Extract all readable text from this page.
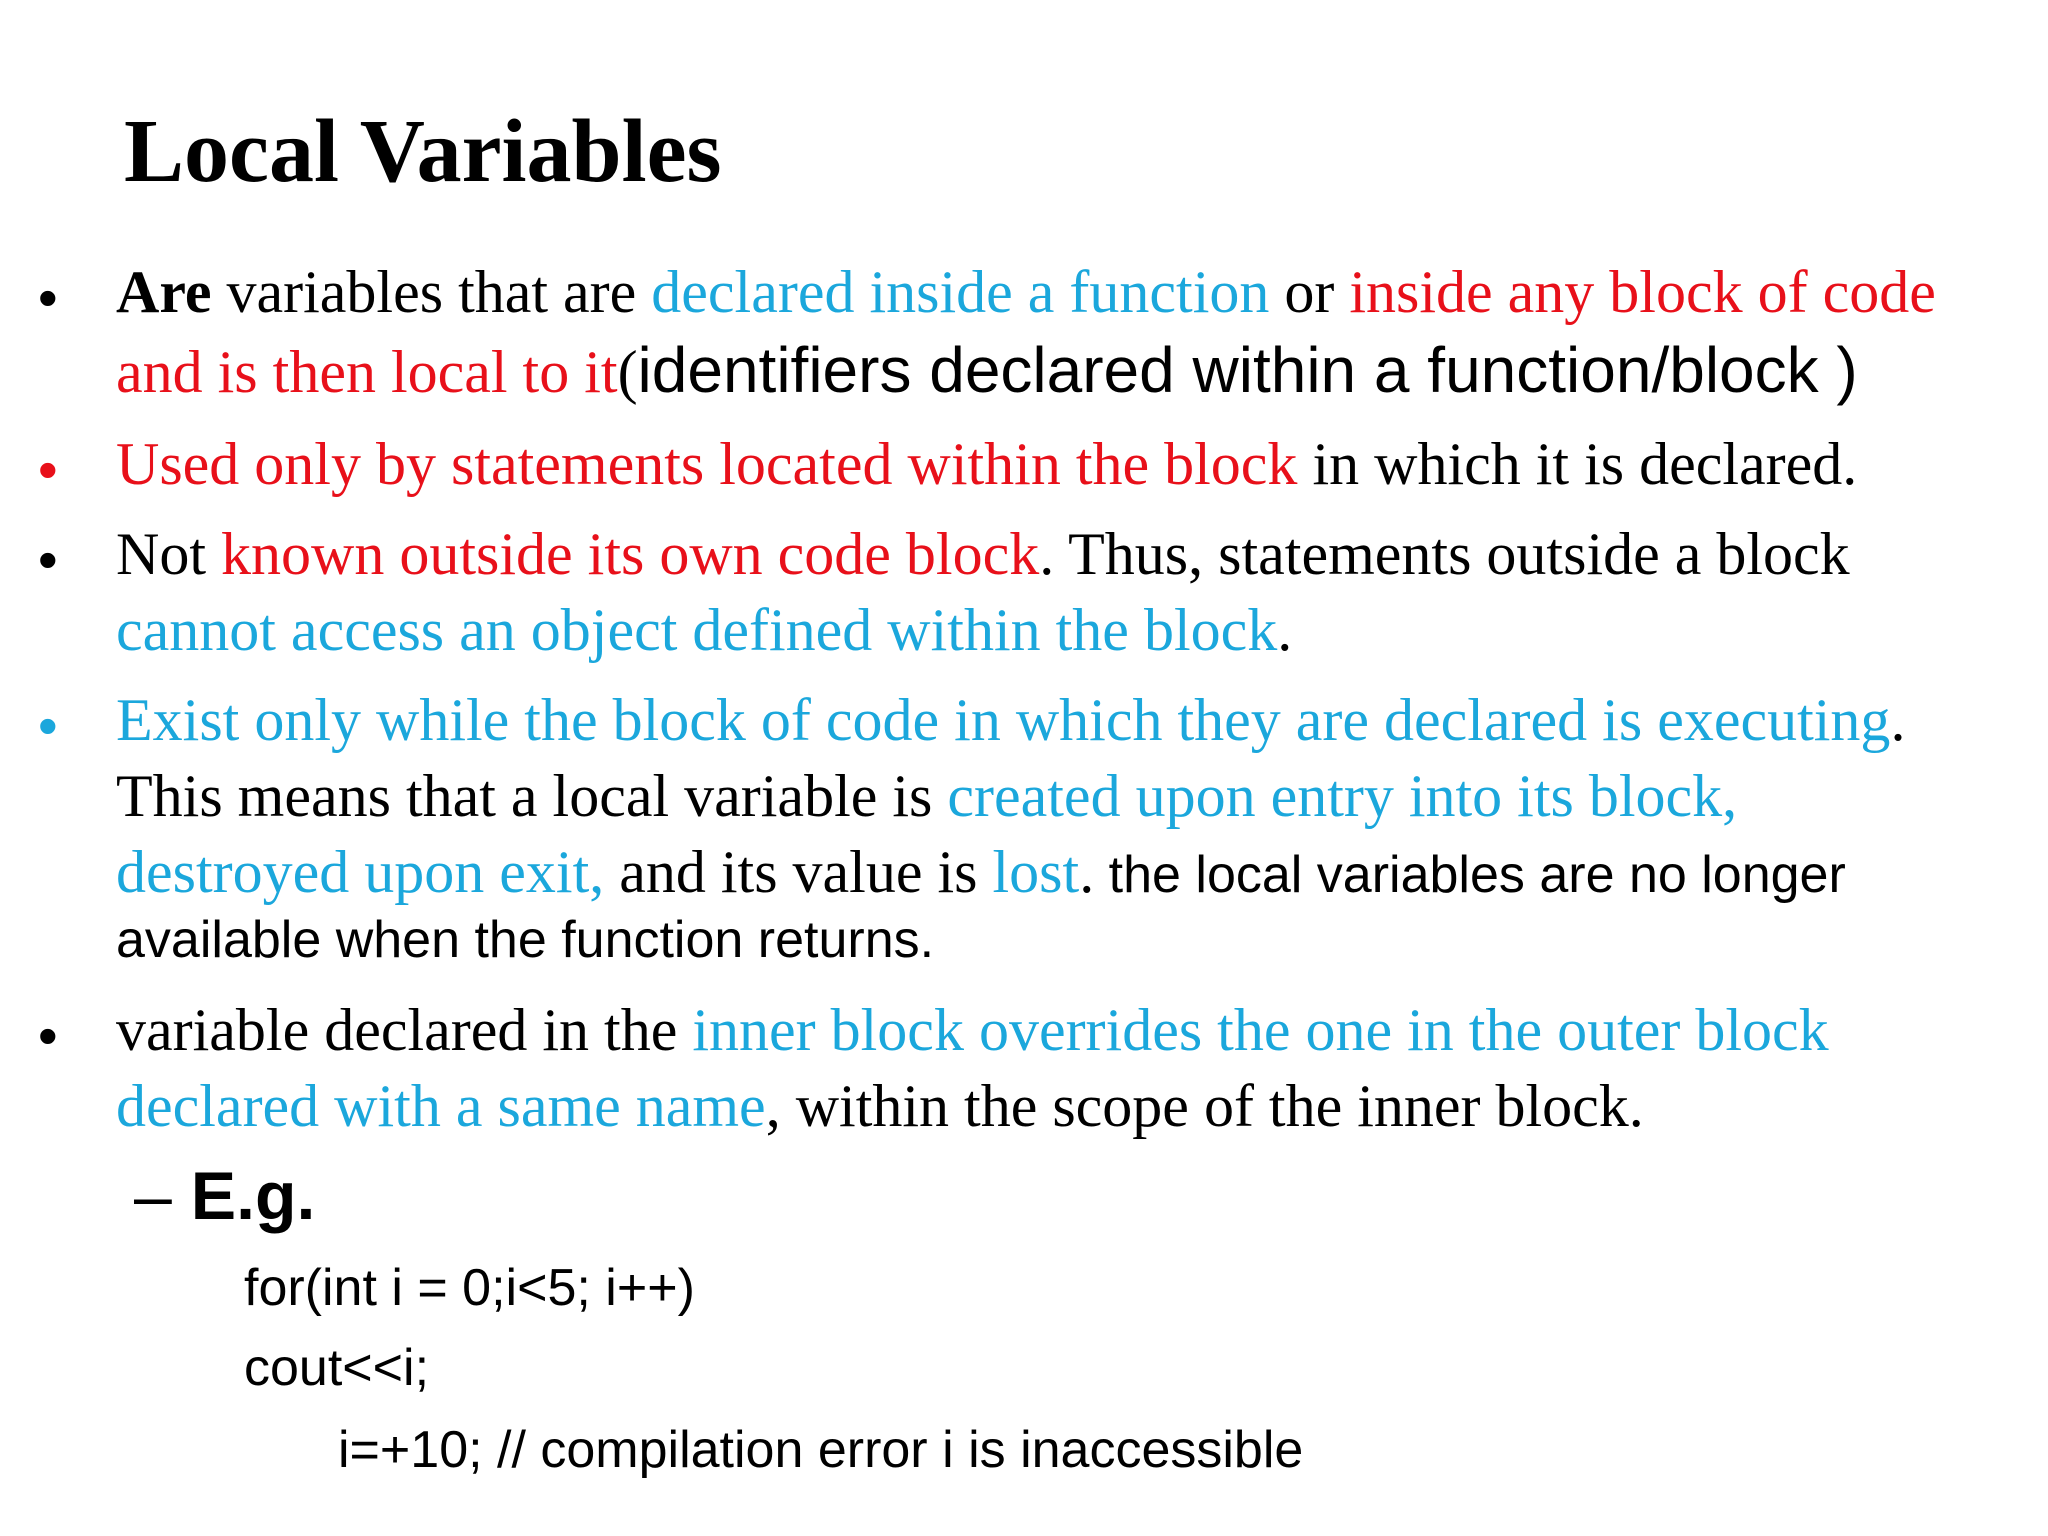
Local Variables
• Are variables that are declared inside a function or inside any block of code
and is then local to it(identifiers declared within a function/block )
• Used only by statements located within the block in which it is declared.
• Not known outside its own code block. Thus, statements outside a block
cannot access an object defined within the block.
• Exist only while the block of code in which they are declared is executing.
This means that a local variable is created upon entry into its block,
destroyed upon exit, and its value is lost. the local variables are no longer
available when the function returns.
• variable declared in the inner block overrides the one in the outer block
declared with a same name, within the scope of the inner block.
– E.g.
for(int i = 0;i<5; i++)
cout<<i;
i=+10; // compilation error i is inaccessible
